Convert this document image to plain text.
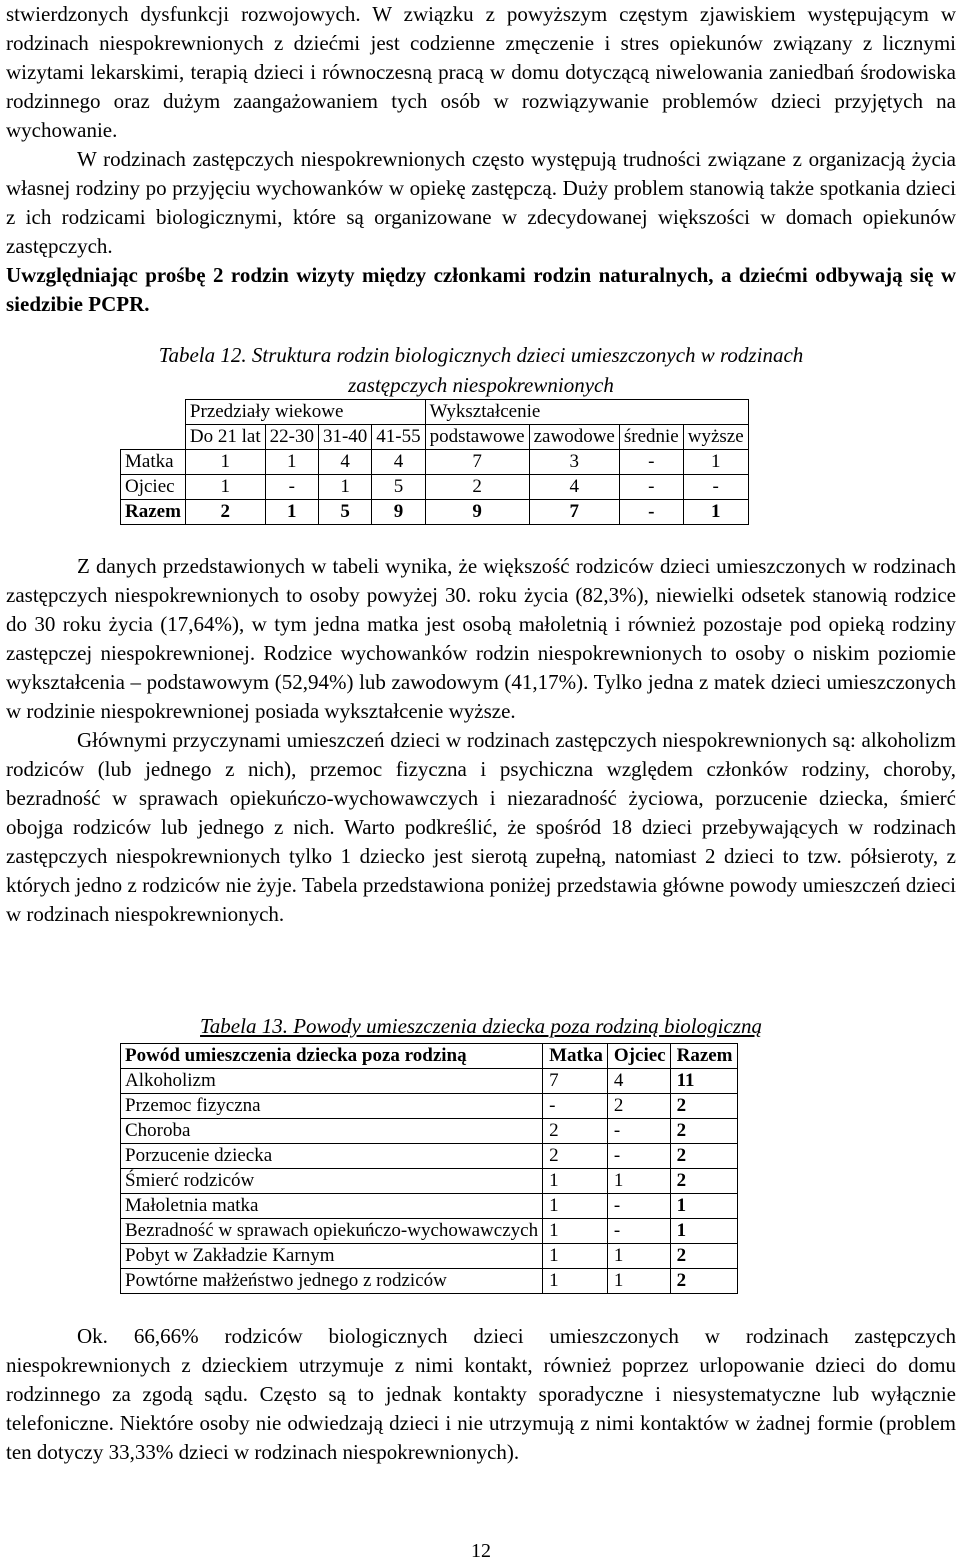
stwierdzonych dysfunkcji rozwojowych. W związku z powyższym częstym zjawiskiem występującym w rodzinach niespokrewnionych z dziećmi jest codzienne zmęczenie i stres opiekunów związany z licznymi wizytami lekarskimi, terapią dzieci i równoczesną pracą w domu dotyczącą niwelowania zaniedbań środowiska rodzinnego oraz dużym zaangażowaniem tych osób w rozwiązywanie problemów dzieci przyjętych na wychowanie.

W rodzinach zastępczych niespokrewnionych często występują trudności związane z organizacją życia własnej rodziny po przyjęciu wychowanków w opiekę zastępczą. Duży problem stanowią także spotkania dzieci z ich rodzicami biologicznymi, które są organizowane w zdecydowanej większości w domach opiekunów zastępczych.

Uwzględniając prośbę 2 rodzin wizyty między członkami rodzin naturalnych, a dziećmi odbywają się w siedzibie PCPR.

Tabela 12. Struktura rodzin biologicznych dzieci umieszczonych w rodzinach
zastępczych niespokrewnionych
	Przedziały wiekowe				Wykształcenie			
	Do 21 lat	22-30	31-40	41-55	podstawowe	zawodowe	średnie	wyższe
Matka	1	1	4	4	7	3	-	1
Ojciec	1	-	1	5	2	4	-	-
Razem	2	1	5	9	9	7	-	1

Z danych przedstawionych w tabeli wynika, że większość rodziców dzieci umieszczonych w rodzinach zastępczych niespokrewnionych to osoby powyżej 30. roku życia (82,3%), niewielki odsetek stanowią rodzice do 30 roku życia (17,64%), w tym jedna matka jest osobą małoletnią i również pozostaje pod opieką rodziny zastępczej niespokrewnionej. Rodzice wychowanków rodzin niespokrewnionych to osoby o niskim poziomie wykształcenia – podstawowym (52,94%) lub zawodowym (41,17%). Tylko jedna z matek dzieci umieszczonych w rodzinie niespokrewnionej posiada wykształcenie wyższe.

Głównymi przyczynami umieszczeń dzieci w rodzinach zastępczych niespokrewnionych są: alkoholizm rodziców (lub jednego z nich), przemoc fizyczna i psychiczna względem członków rodziny, choroby, bezradność w sprawach opiekuńczo-wychowawczych i niezaradność życiowa, porzucenie dziecka, śmierć obojga rodziców lub jednego z nich. Warto podkreślić, że spośród 18 dzieci przebywających w rodzinach zastępczych niespokrewnionych tylko 1 dziecko jest sierotą zupełną, natomiast 2 dzieci to tzw. półsieroty, z których jedno z rodziców nie żyje. Tabela przedstawiona poniżej przedstawia główne powody umieszczeń dzieci w rodzinach niespokrewnionych.

Tabela 13. Powody umieszczenia dziecka poza rodziną biologiczną
Powód umieszczenia dziecka poza rodziną	Matka	Ojciec	Razem
Alkoholizm	7	4	11
Przemoc fizyczna	-	2	2
Choroba	2	-	2
Porzucenie dziecka	2	-	2
Śmierć rodziców	1	1	2
Małoletnia matka	1	-	1
Bezradność w sprawach opiekuńczo-wychowawczych	1	-	1
Pobyt w Zakładzie Karnym	1	1	2
Powtórne małżeństwo jednego z rodziców	1	1	2

Ok. 66,66% rodziców biologicznych dzieci umieszczonych w rodzinach zastępczych niespokrewnionych z dzieckiem utrzymuje z nimi kontakt, również poprzez urlopowanie dzieci do domu rodzinnego za zgodą sądu. Często są to jednak kontakty sporadyczne i niesystematyczne lub wyłącznie telefoniczne. Niektóre osoby nie odwiedzają dzieci i nie utrzymują z nimi kontaktów w żadnej formie (problem ten dotyczy 33,33% dzieci w rodzinach niespokrewnionych).

12
